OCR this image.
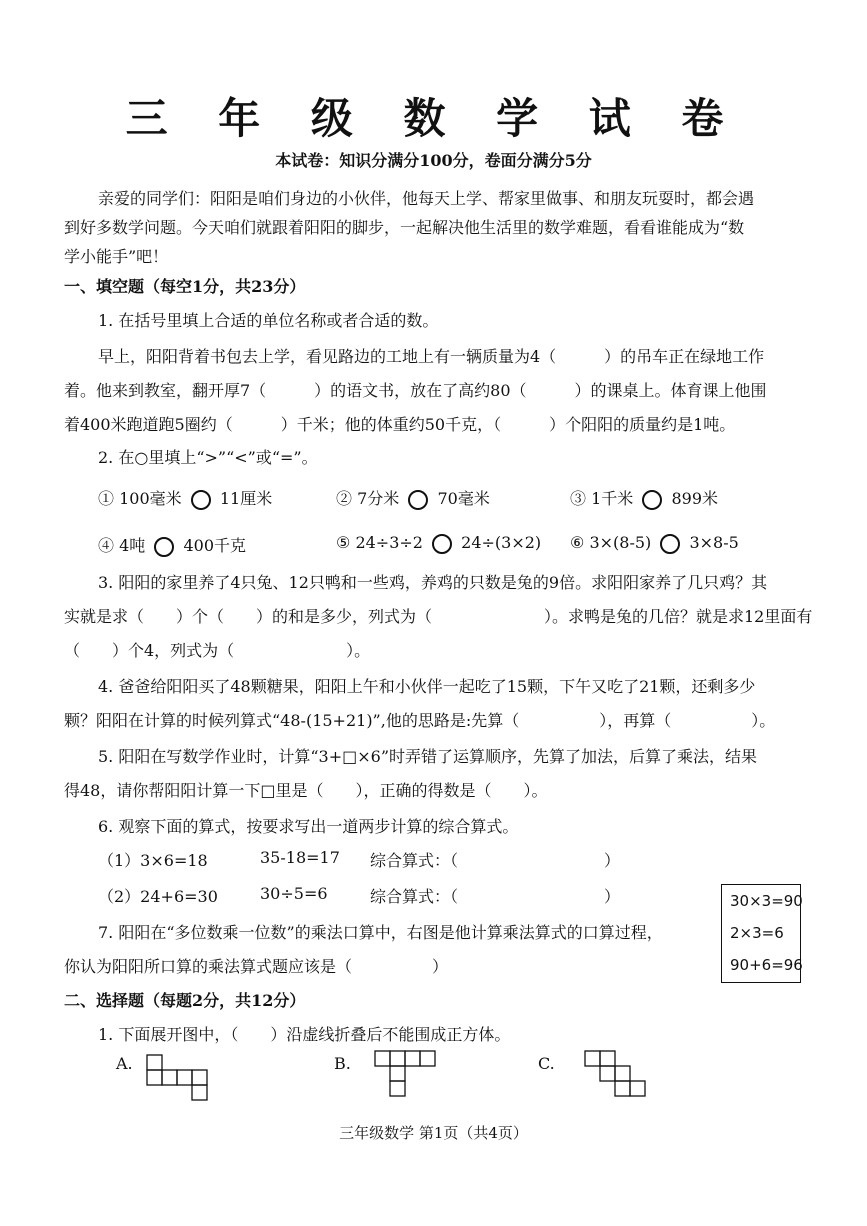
三 年 级 数 学 试 卷
本试卷：知识分满分100分，卷面分满分5分
亲爱的同学们：阳阳是咱们身边的小伙伴，他每天上学、帮家里做事、和朋友玩耍时，都会遇
到好多数学问题。今天咱们就跟着阳阳的脚步，一起解决他生活里的数学难题，看看谁能成为“数
学小能手”吧！
一、填空题（每空1分，共23分）
1. 在括号里填上合适的单位名称或者合适的数。
早上，阳阳背着书包去上学，看见路边的工地上有一辆质量为4（　　　）的吊车正在绿地工作
着。他来到教室，翻开厚7（　　　）的语文书，放在了高约80（　　　）的课桌上。体育课上他围
着400米跑道跑5圈约（　　　）千米；他的体重约50千克，（　　　）个阳阳的质量约是1吨。
2. 在○里填上“>”“<”或“=”。
① 100毫米 11厘米	② 7分米 70毫米	③ 1千米 899米
④ 4吨 400千克	⑤ 24÷3÷2 24÷(3×2) ⑥ 3×(8-5) 3×8-5
3. 阳阳的家里养了4只兔、12只鸭和一些鸡，养鸡的只数是兔的9倍。求阳阳家养了几只鸡？其
实就是求（　　）个（　　）的和是多少，列式为（　　　　　　　）。求鸭是兔的几倍？就是求12里面有
（　　）个4，列式为（　　　　　　　）。
4. 爸爸给阳阳买了48颗糖果，阳阳上午和小伙伴一起吃了15颗，下午又吃了21颗，还剩多少
颗？阳阳在计算的时候列算式“48-(15+21)”,他的思路是:先算（　　　　　），再算（　　　　　）。
5. 阳阳在写数学作业时，计算“3+□×6”时弄错了运算顺序，先算了加法，后算了乘法，结果
得48，请你帮阳阳计算一下□里是（　　），正确的得数是（　　）。
6. 观察下面的算式，按要求写出一道两步计算的综合算式。
（1）3×6=18	35-18=17 综合算式：（	）
（2）24+6=30	30÷5=6	综合算式：（	）	30×3=90
2×3=6
90+6=96
7. 阳阳在“多位数乘一位数”的乘法口算中，右图是他计算乘法算式的口算过程，
你认为阳阳所口算的乘法算式题应该是（　　　　　）
二、选择题（每题2分，共12分）
1. 下面展开图中，（　　）沿虚线折叠后不能围成正方体。
A.	B.	C.
三年级数学 第1页（共4页）
